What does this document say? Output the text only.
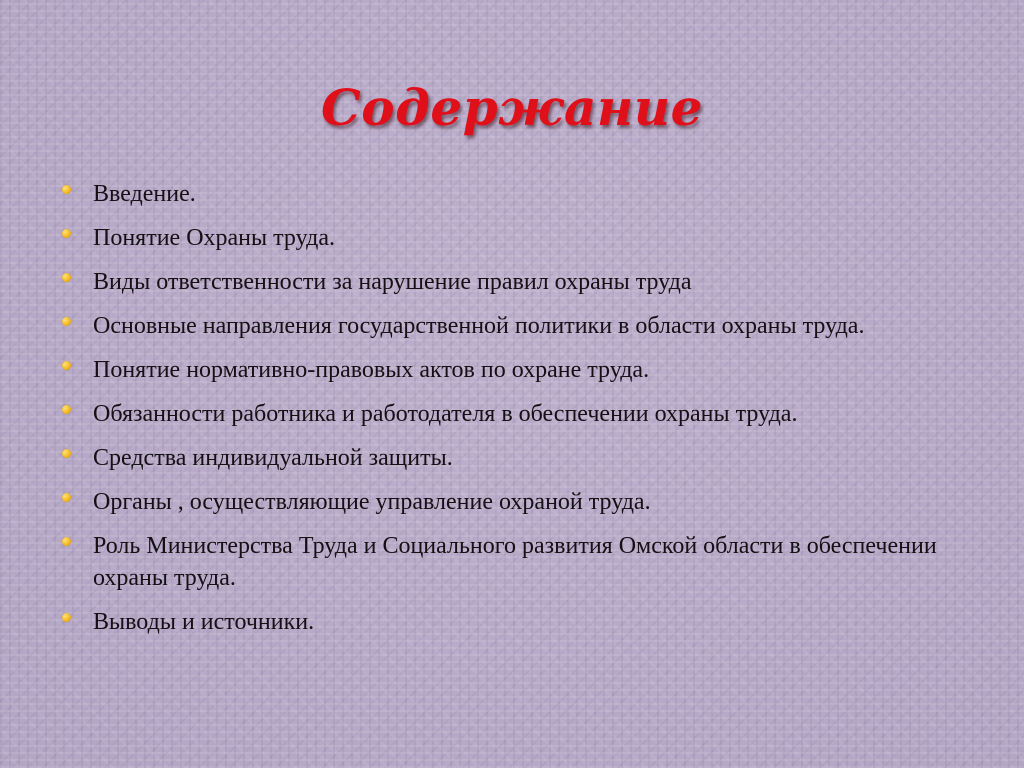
Содержание
Введение.
Понятие Охраны труда.
Виды ответственности за нарушение правил охраны труда
Основные направления государственной политики в области охраны труда.
Понятие нормативно-правовых актов по охране труда.
Обязанности работника и работодателя в обеспечении охраны труда.
Средства индивидуальной защиты.
Органы , осуществляющие управление охраной труда.
Роль Министерства Труда и Социального развития Омской области в обеспечении охраны труда.
Выводы и источники.
